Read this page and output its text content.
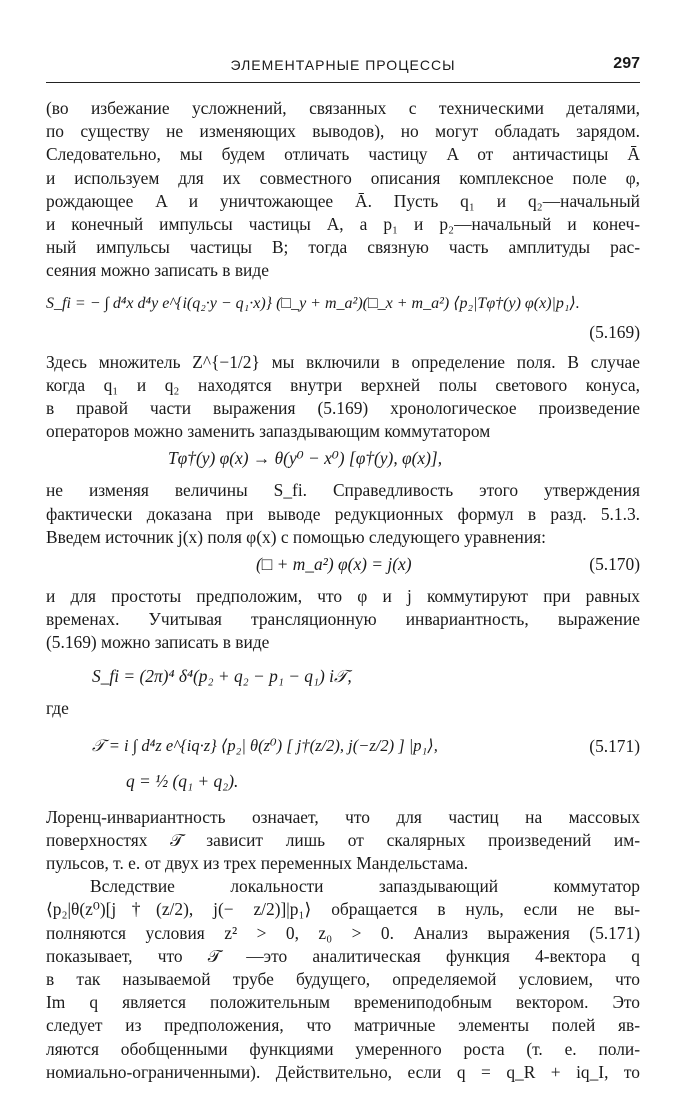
ЭЛЕМЕНТАРНЫЕ ПРОЦЕССЫ	297

(во избежание усложнений, связанных с техническими деталями,
по существу не изменяющих выводов), но могут обладать зарядом.
Следовательно, мы будем отличать частицу A от античастицы Ā
и используем для их совместного описания комплексное поле φ,
рождающее A и уничтожающее Ā. Пусть q₁ и q₂—начальный
и конечный импульсы частицы A, а p₁ и p₂—начальный и конеч-
ный импульсы частицы B; тогда связную часть амплитуды рас-
сеяния можно записать в виде

S_fi = − ∫ d⁴x d⁴y e^{i(q₂·y − q₁·x)} (□_y + m_a²)(□_x + m_a²) ⟨p₂|Tφ†(y) φ(x)|p₁⟩.
(5.169)

Здесь множитель Z^{−1/2} мы включили в определение поля. В случае
когда q₁ и q₂ находятся внутри верхней полы светового конуса,
в правой части выражения (5.169) хронологическое произведение
операторов можно заменить запаздывающим коммутатором

Tφ†(y) φ(x) → θ(y⁰ − x⁰) [φ†(y), φ(x)],

не изменяя величины S_fi. Справедливость этого утверждения
фактически доказана при выводе редукционных формул в разд. 5.1.3.
Введем источник j(x) поля φ(x) с помощью следующего уравнения:

(□ + m_a²) φ(x) = j(x)	(5.170)

и для простоты предположим, что φ и j коммутируют при равных
временах. Учитывая трансляционную инвариантность, выражение
(5.169) можно записать в виде

S_fi = (2π)⁴ δ⁴(p₂ + q₂ − p₁ − q₁) i𝒯,
где
𝒯 = i ∫ d⁴z e^{iq·z} ⟨p₂| θ(z⁰) [ j†(z/2), j(−z/2) ] |p₁⟩,	(5.171)
q = ½ (q₁ + q₂).

Лоренц-инвариантность означает, что для частиц на массовых
поверхностях 𝒯 зависит лишь от скалярных произведений им-
пульсов, т. е. от двух из трех переменных Мандельстама.

Вследствие локальности запаздывающий коммутатор
⟨p₂|θ(z⁰)[j†(z/2), j(− z/2)]|p₁⟩ обращается в нуль, если не вы-
полняются условия z² > 0, z₀ > 0. Анализ выражения (5.171)
показывает, что 𝒯 —это аналитическая функция 4-вектора q
в так называемой трубе будущего, определяемой условием, что
Im q является положительным времениподобным вектором. Это
следует из предположения, что матричные элементы полей яв-
ляются обобщенными функциями умеренного роста (т. е. поли-
номиально-ограниченными). Действительно, если q = q_R + iq_I, то
